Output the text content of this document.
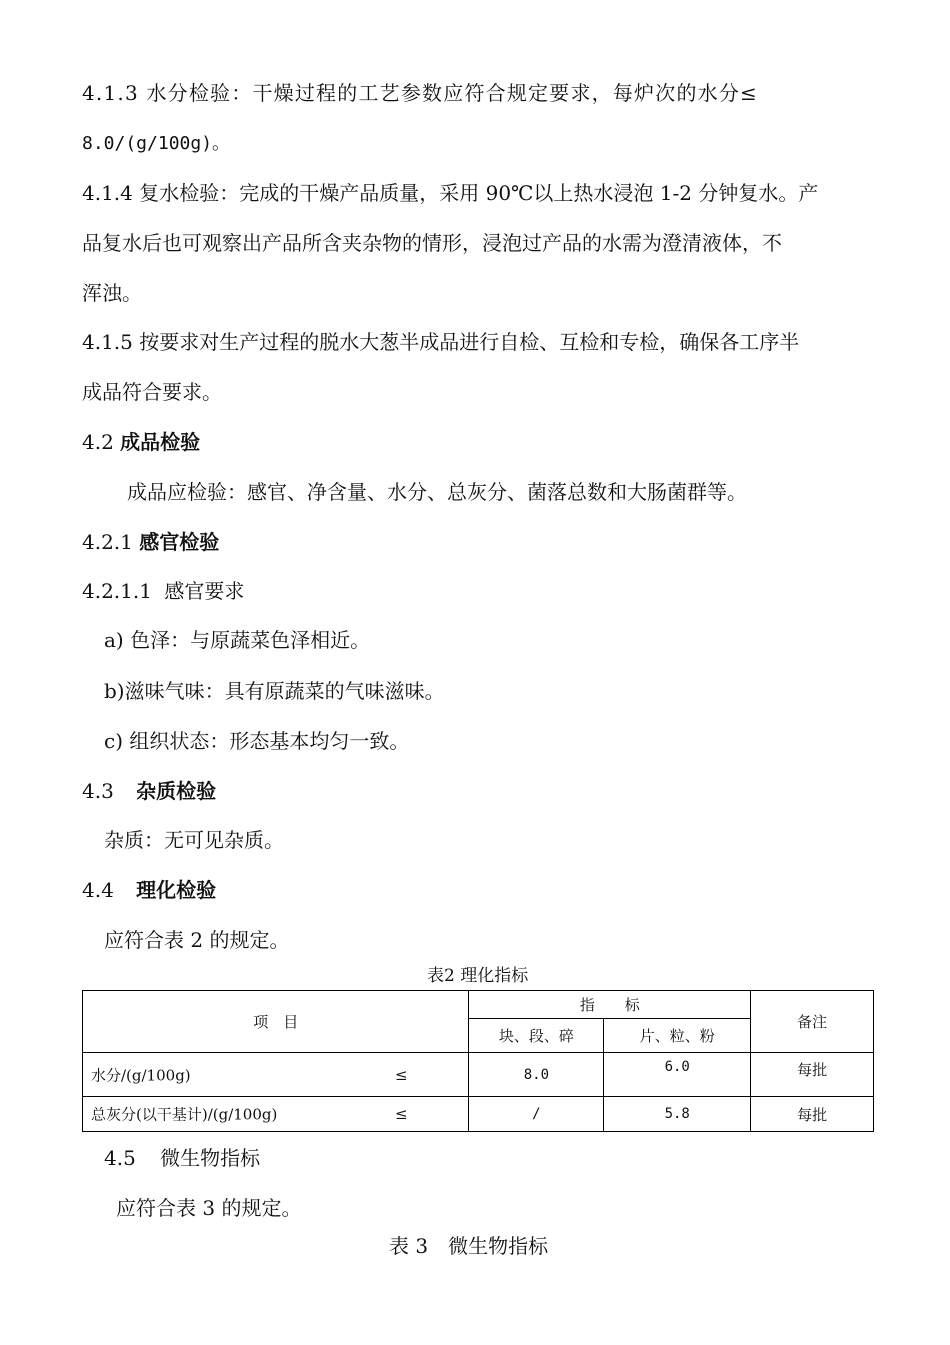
4.1.3 水分检验：干燥过程的工艺参数应符合规定要求，每炉次的水分≤
8.0/(g/100g)。
4.1.4 复水检验：完成的干燥产品质量，采用 90℃以上热水浸泡 1-2 分钟复水。产
品复水后也可观察出产品所含夹杂物的情形，浸泡过产品的水需为澄清液体，不
浑浊。
4.1.5 按要求对生产过程的脱水大葱半成品进行自检、互检和专检，确保各工序半
成品符合要求。
4.2 成品检验
成品应检验：感官、净含量、水分、总灰分、菌落总数和大肠菌群等。
4.2.1 感官检验
4.2.1.1 感官要求
a) 色泽：与原蔬菜色泽相近。
b)滋味气味：具有原蔬菜的气味滋味。
c) 组织状态：形态基本均匀一致。
4.3 杂质检验
杂质：无可见杂质。
4.4 理化检验
应符合表 2 的规定。
表2 理化指标
项　目	指　　标		备注
	块、段、碎	片、粒、粉	

水分/(g/100g) ≤	8.0	6.0	每批

总灰分(以干基计)/(g/100g) ≤	/	5.8	每批
4.5 微生物指标
应符合表 3 的规定。
表 3　微生物指标
